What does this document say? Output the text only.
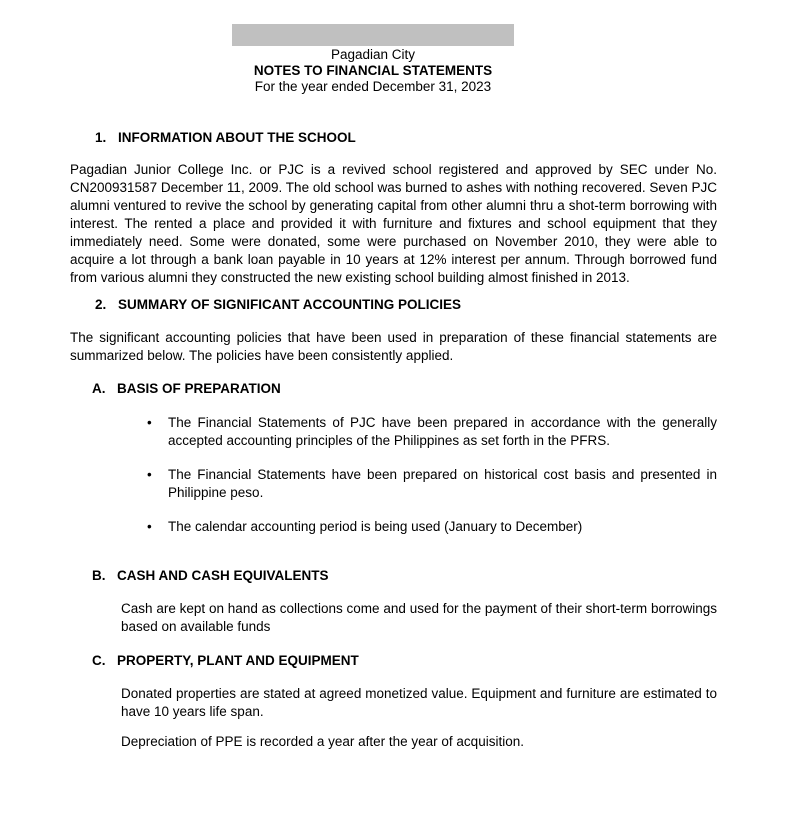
Pagadian City
NOTES TO FINANCIAL STATEMENTS
For the year ended December 31, 2023
1. INFORMATION ABOUT THE SCHOOL

Pagadian Junior College Inc. or PJC is a revived school registered and approved by SEC under No. CN200931587 December 11, 2009. The old school was burned to ashes with nothing recovered. Seven PJC alumni ventured to revive the school by generating capital from other alumni thru a shot-term borrowing with interest. The rented a place and provided it with furniture and fixtures and school equipment that they immediately need. Some were donated, some were purchased on November 2010, they were able to acquire a lot through a bank loan payable in 10 years at 12% interest per annum. Through borrowed fund from various alumni they constructed the new existing school building almost finished in 2013.

2. SUMMARY OF SIGNIFICANT ACCOUNTING POLICIES

The significant accounting policies that have been used in preparation of these financial statements are summarized below. The policies have been consistently applied.

A. BASIS OF PREPARATION
• The Financial Statements of PJC have been prepared in accordance with the generally accepted accounting principles of the Philippines as set forth in the PFRS.
• The Financial Statements have been prepared on historical cost basis and presented in Philippine peso.
• The calendar accounting period is being used (January to December)
B. CASH AND CASH EQUIVALENTS

Cash are kept on hand as collections come and used for the payment of their short-term borrowings based on available funds

C. PROPERTY, PLANT AND EQUIPMENT

Donated properties are stated at agreed monetized value. Equipment and furniture are estimated to have 10 years life span.

Depreciation of PPE is recorded a year after the year of acquisition.
